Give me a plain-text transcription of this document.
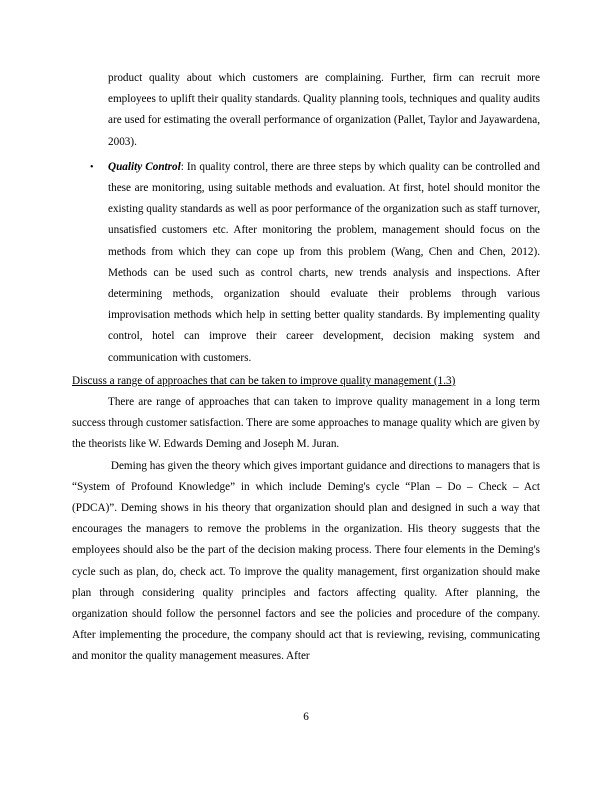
product quality about which customers are complaining. Further, firm can recruit more employees to uplift their quality standards. Quality planning tools, techniques and quality audits are used for estimating the overall performance of organization (Pallet, Taylor and Jayawardena, 2003).

• Quality Control: In quality control, there are three steps by which quality can be controlled and these are monitoring, using suitable methods and evaluation. At first, hotel should monitor the existing quality standards as well as poor performance of the organization such as staff turnover, unsatisfied customers etc. After monitoring the problem, management should focus on the methods from which they can cope up from this problem (Wang, Chen and Chen, 2012). Methods can be used such as control charts, new trends analysis and inspections. After determining methods, organization should evaluate their problems through various improvisation methods which help in setting better quality standards. By implementing quality control, hotel can improve their career development, decision making system and communication with customers.

Discuss a range of approaches that can be taken to improve quality management (1.3)

There are range of approaches that can taken to improve quality management in a long term success through customer satisfaction. There are some approaches to manage quality which are given by the theorists like W. Edwards Deming and Joseph M. Juran.

Deming has given the theory which gives important guidance and directions to managers that is “System of Profound Knowledge” in which include Deming's cycle “Plan – Do – Check – Act (PDCA)”. Deming shows in his theory that organization should plan and designed in such a way that encourages the managers to remove the problems in the organization. His theory suggests that the employees should also be the part of the decision making process. There four elements in the Deming's cycle such as plan, do, check act. To improve the quality management, first organization should make plan through considering quality principles and factors affecting quality. After planning, the organization should follow the personnel factors and see the policies and procedure of the company. After implementing the procedure, the company should act that is reviewing, revising, communicating and monitor the quality management measures. After

6
